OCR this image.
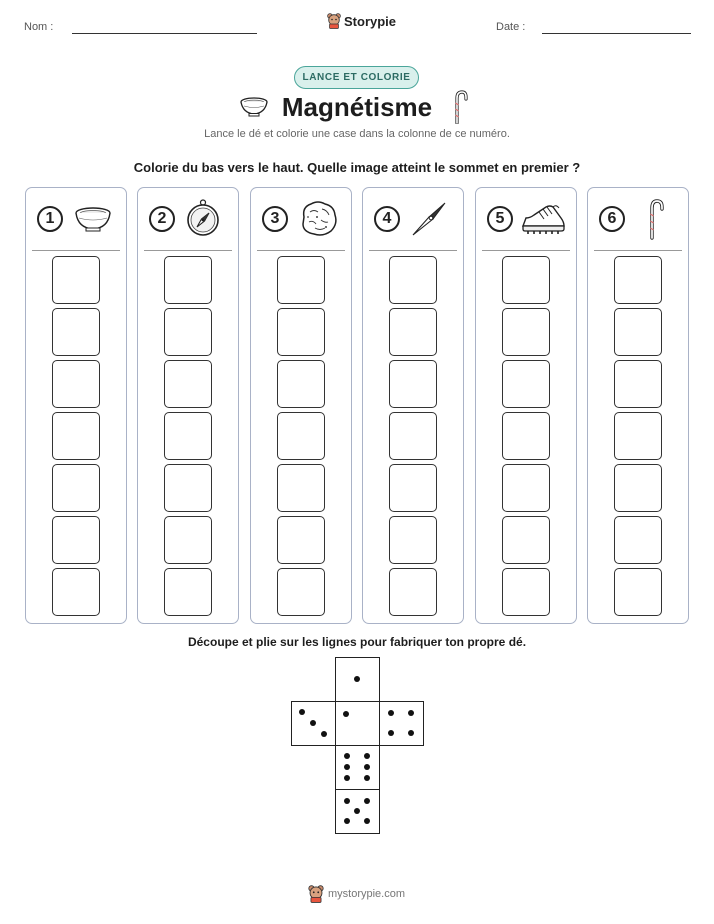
Nom :	Storypie	Date :
LANCE ET COLORIE
Magnétisme
Lance le dé et colorie une case dans la colonne de ce numéro.
Colorie du bas vers le haut. Quelle image atteint le sommet en premier ?
1	2	3	4	5	6
Découpe et plie sur les lignes pour fabriquer ton propre dé.
mystorypie.com
